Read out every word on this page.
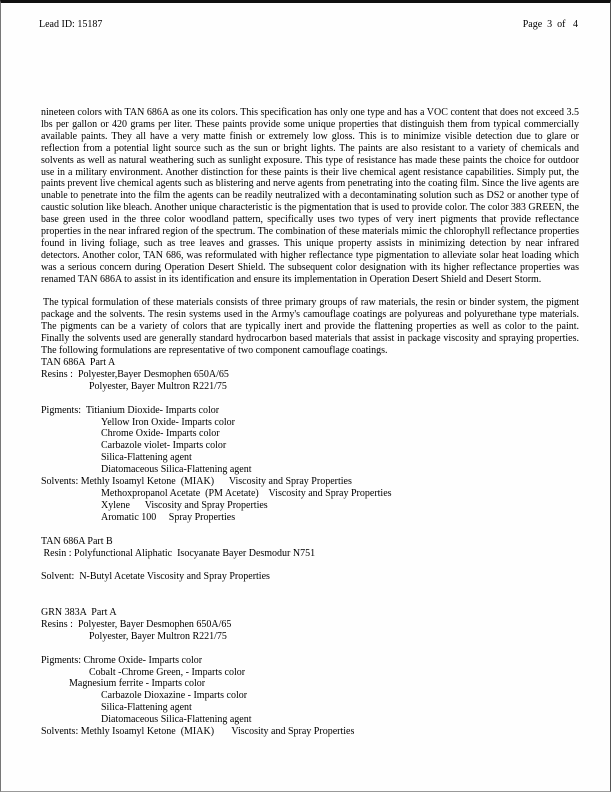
Lead ID: 15187	Page  3  of   4

nineteen colors with TAN 686A as one its colors. This specification has only one type and has a VOC content that does not exceed 3.5 lbs per gallon or 420 grams per liter. These paints provide some unique properties that distinguish them from typical commercially available paints. They all have a very matte finish or extremely low gloss. This is to minimize visible detection due to glare or reflection from a potential light source such as the sun or bright lights. The paints are also resistant to a variety of chemicals and solvents as well as natural weathering such as sunlight exposure. This type of resistance has made these paints the choice for outdoor use in a military environment. Another distinction for these paints is their live chemical agent resistance capabilities. Simply put, the paints prevent live chemical agents such as blistering and nerve agents from penetrating into the coating film. Since the live agents are unable to penetrate into the film the agents can be readily neutralized with a decontaminating solution such as DS2 or another type of caustic solution like bleach. Another unique characteristic is the pigmentation that is used to provide color. The color 383 GREEN, the base green used in the three color woodland pattern, specifically uses two types of very inert pigments that provide reflectance properties in the near infrared region of the spectrum. The combination of these materials mimic the chlorophyll reflectance properties found in living foliage, such as tree leaves and grasses. This unique property assists in minimizing detection by near infrared detectors. Another color, TAN 686, was reformulated with higher reflectance type pigmentation to alleviate solar heat loading which was a serious concern during Operation Desert Shield. The subsequent color designation with its higher reflectance properties was renamed TAN 686A to assist in its identification and ensure its implementation in Operation Desert Shield and Desert Storm.

The typical formulation of these materials consists of three primary groups of raw materials, the resin or binder system, the pigment package and the solvents. The resin systems used in the Army's camouflage coatings are polyureas and polyurethane type materials. The pigments can be a variety of colors that are typically inert and provide the flattening properties as well as color to the paint. Finally the solvents used are generally standard hydrocarbon based materials that assist in package viscosity and spraying properties. The following formulations are representative of two component camouflage coatings.

TAN 686A  Part A
Resins :  Polyester,Bayer Desmophen 650A/65
Polyester, Bayer Multron R221/75

Pigments:  Titianium Dioxide- Imparts color
Yellow Iron Oxide- Imparts color
Chrome Oxide- Imparts color
Carbazole violet- Imparts color
Silica-Flattening agent
Diatomaceous Silica-Flattening agent
Solvents: Methly Isoamyl Ketone  (MIAK)      Viscosity and Spray Properties
Methoxpropanol Acetate  (PM Acetate)    Viscosity and Spray Properties
Xylene      Viscosity and Spray Properties
Aromatic 100     Spray Properties

TAN 686A Part B
Resin : Polyfunctional Aliphatic  Isocyanate Bayer Desmodur N751

Solvent:  N-Butyl Acetate Viscosity and Spray Properties

GRN 383A  Part A
Resins :  Polyester, Bayer Desmophen 650A/65
Polyester, Bayer Multron R221/75

Pigments: Chrome Oxide- Imparts color
Cobalt -Chrome Green, - Imparts color
Magnesium ferrite - Imparts color
Carbazole Dioxazine - Imparts color
Silica-Flattening agent
Diatomaceous Silica-Flattening agent
Solvents: Methly Isoamyl Ketone  (MIAK)       Viscosity and Spray Properties
